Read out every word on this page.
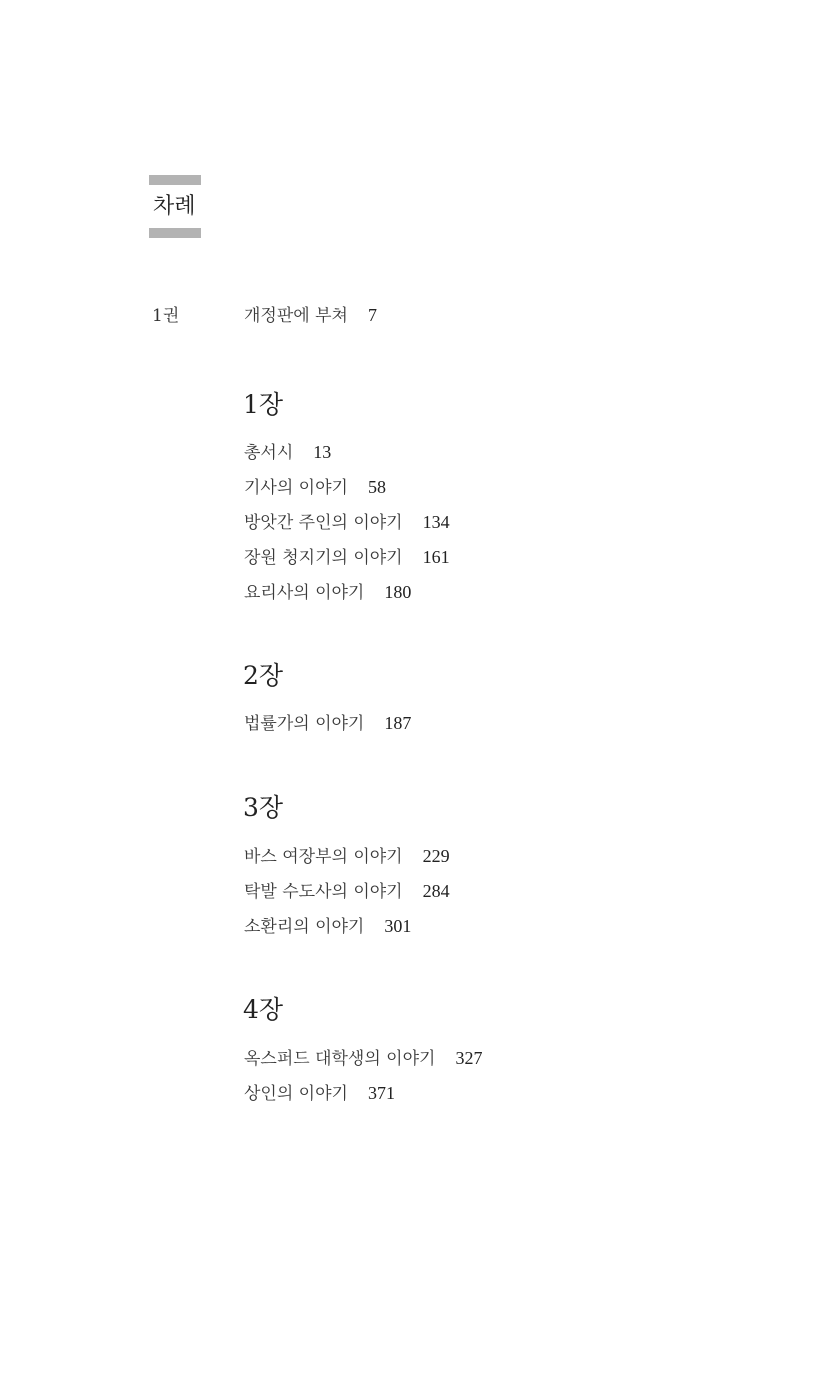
차례
1권	개정판에 부쳐 7
1장
총서시 13
기사의 이야기 58
방앗간 주인의 이야기 134
장원 청지기의 이야기 161
요리사의 이야기 180
2장
법률가의 이야기 187
3장
바스 여장부의 이야기 229
탁발 수도사의 이야기 284
소환리의 이야기 301
4장
옥스퍼드 대학생의 이야기 327
상인의 이야기 371
